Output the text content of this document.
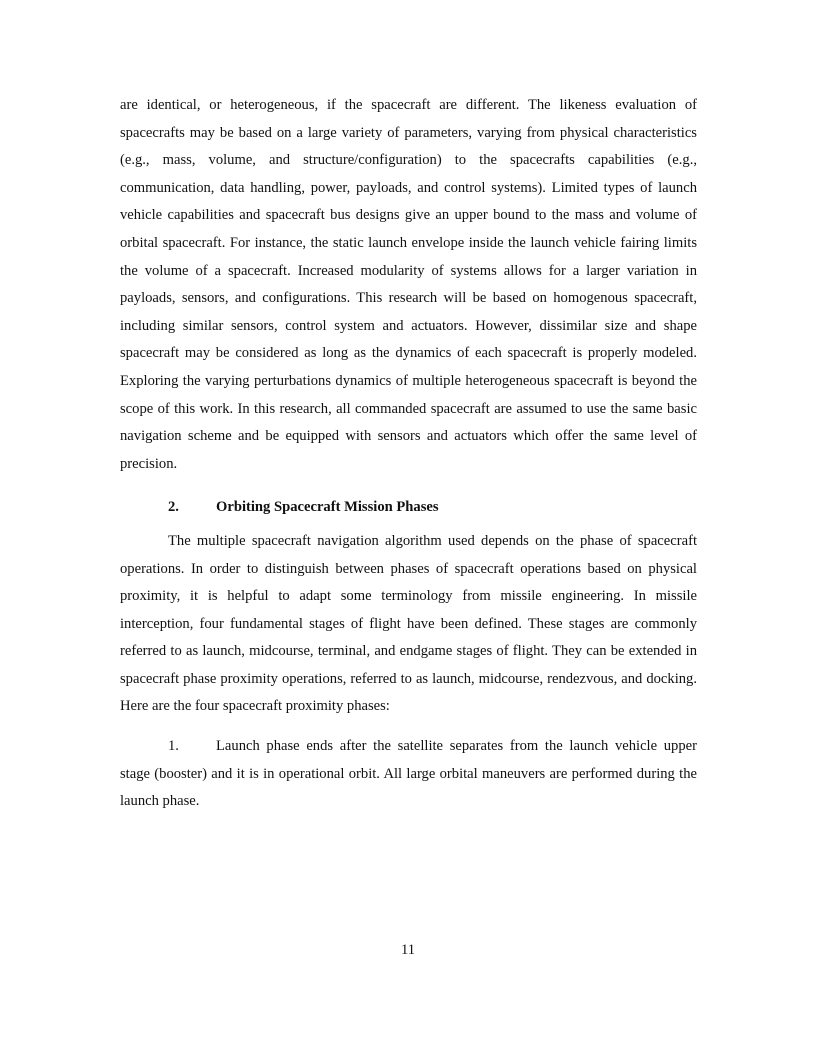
are identical, or heterogeneous, if the spacecraft are different. The likeness evaluation of spacecrafts may be based on a large variety of parameters, varying from physical characteristics (e.g., mass, volume, and structure/configuration) to the spacecrafts capabilities (e.g., communication, data handling, power, payloads, and control systems). Limited types of launch vehicle capabilities and spacecraft bus designs give an upper bound to the mass and volume of orbital spacecraft. For instance, the static launch envelope inside the launch vehicle fairing limits the volume of a spacecraft. Increased modularity of systems allows for a larger variation in payloads, sensors, and configurations. This research will be based on homogenous spacecraft, including similar sensors, control system and actuators. However, dissimilar size and shape spacecraft may be considered as long as the dynamics of each spacecraft is properly modeled. Exploring the varying perturbations dynamics of multiple heterogeneous spacecraft is beyond the scope of this work. In this research, all commanded spacecraft are assumed to use the same basic navigation scheme and be equipped with sensors and actuators which offer the same level of precision.

2.	Orbiting Spacecraft Mission Phases

The multiple spacecraft navigation algorithm used depends on the phase of spacecraft operations. In order to distinguish between phases of spacecraft operations based on physical proximity, it is helpful to adapt some terminology from missile engineering. In missile interception, four fundamental stages of flight have been defined. These stages are commonly referred to as launch, midcourse, terminal, and endgame stages of flight. They can be extended in spacecraft phase proximity operations, referred to as launch, midcourse, rendezvous, and docking. Here are the four spacecraft proximity phases:

1.	Launch phase ends after the satellite separates from the launch vehicle upper stage (booster) and it is in operational orbit. All large orbital maneuvers are performed during the launch phase.
11
